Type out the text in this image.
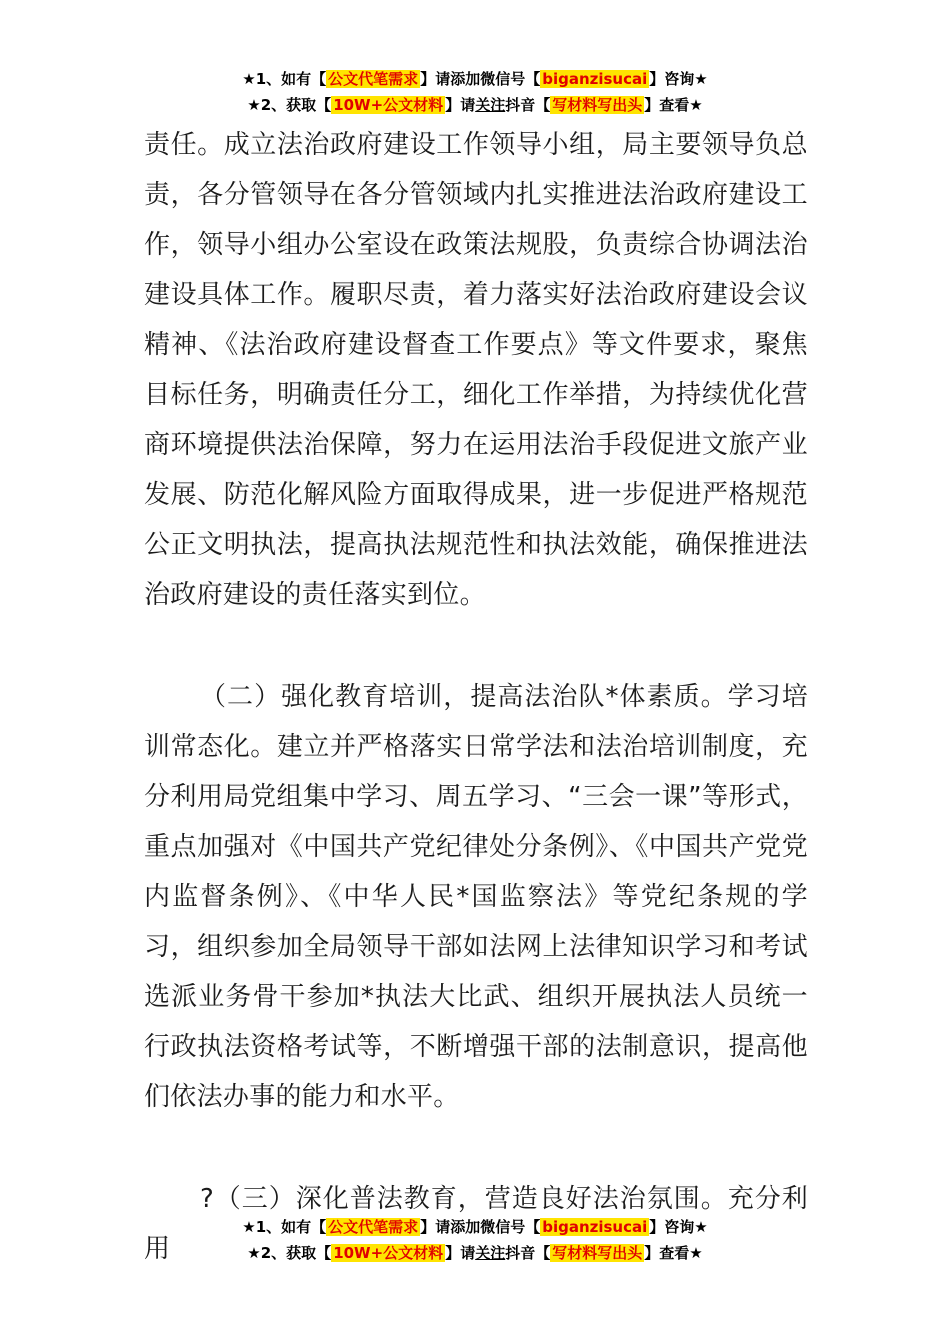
★1、如有【 公文代笔需求 】请添加微信号【 biganzisucai 】咨询★
★2、获取【 10W+公文材料 】请关注抖音【 写材料写出头 】查看★

责任。成立法治政府建设工作领导小组，局主要领导负总责，各分管领导在各分管领域内扎实推进法治政府建设工作，领导小组办公室设在政策法规股，负责综合协调法治建设具体工作。履职尽责，着力落实好法治政府建设会议精神、《法治政府建设督查工作要点》等文件要求，聚焦目标任务，明确责任分工，细化工作举措，为持续优化营商环境提供法治保障，努力在运用法治手段促进文旅产业发展、防范化解风险方面取得成果，进一步促进严格规范公正文明执法，提高执法规范性和执法效能，确保推进法治政府建设的责任落实到位。

（二）强化教育培训，提高法治队*体素质。学习培训常态化。建立并严格落实日常学法和法治培训制度，充分利用局党组集中学习、周五学习、“三会一课”等形式，重点加强对《中国共产党纪律处分条例》、《中国共产党党内监督条例》、《中华人民*国监察法》等党纪条规的学习，组织参加全局领导干部如法网上法律知识学习和考试选派业务骨干参加*执法大比武、组织开展执法人员统一行政执法资格考试等，不断增强干部的法制意识，提高他们依法办事的能力和水平。

?（三）深化普法教育，营造良好法治氛围。充分利用

★1、如有【 公文代笔需求 】请添加微信号【 biganzisucai 】咨询★
★2、获取【 10W+公文材料 】请关注抖音【 写材料写出头 】查看★
